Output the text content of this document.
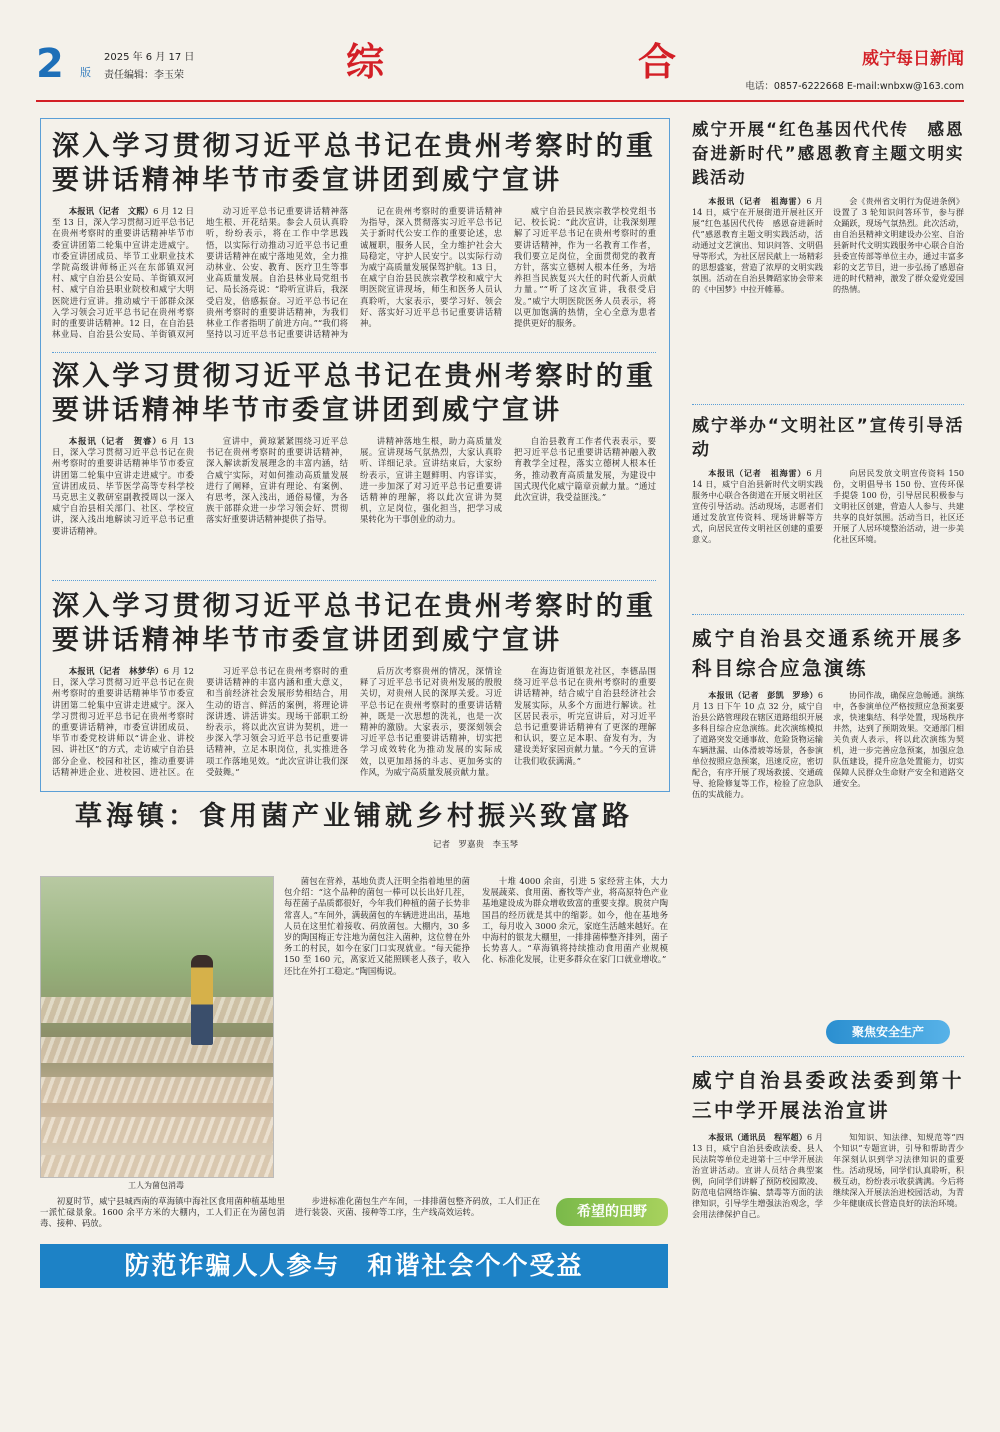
2 版
2025 年 6 月 17 日
责任编辑：李玉荣	综	合	威宁每日新闻
电话：0857-6222668 E-mail:wnbxw@163.com
深入学习贯彻习近平总书记在贵州考察时的重要讲话精神毕节市委宣讲团到威宁宣讲

本报讯（记者　文熙）6 月 12 日至 13 日，深入学习贯彻习近平总书记在贵州考察时的重要讲话精神毕节市委宣讲团第二轮集中宣讲走进威宁。市委宣讲团成员、毕节工业职业技术学院高级讲师杨正兴在东部镇双河村、威宁自治县公安局、羊街镇双河村、威宁自治县职业院校和威宁大明医院进行宣讲。推动威宁干部群众深入学习领会习近平总书记在贵州考察时的重要讲话精神。12 日，在自治县林业局、自治县公安局、羊街镇双河

动习近平总书记重要讲话精神落地生根、开花结果。参会人员认真聆听，纷纷表示，将在工作中学思践悟，以实际行动推动习近平总书记重要讲话精神在威宁落地见效，全力推动林业、公安、教育、医疗卫生等事业高质量发展。自治县林业局党组书记、局长汤亮说：“聆听宣讲后，我深受启发，倍感振奋。习近平总书记在贵州考察时的重要讲话精神，为我们林业工作者指明了前进方向。”“我们将坚持以习近平总书记重要讲话精神为

记在贵州考察时的重要讲话精神为指导，深入贯彻落实习近平总书记关于新时代公安工作的重要论述，忠诚履职，服务人民，全力维护社会大局稳定，守护人民安宁。以实际行动为威宁高质量发展保驾护航。13 日，在威宁自治县民族宗教学校和威宁大明医院宣讲现场，师生和医务人员认真聆听，大家表示，要学习好、领会好、落实好习近平总书记重要讲话精神。

威宁自治县民族宗教学校党组书记、校长说：“此次宣讲，让我深刻理解了习近平总书记在贵州考察时的重要讲话精神，作为一名教育工作者，我们要立足岗位，全面贯彻党的教育方针，落实立德树人根本任务，为培养担当民族复兴大任的时代新人贡献力量。”“听了这次宣讲，我很受启发。”威宁大明医院医务人员表示，将以更加饱满的热情，全心全意为患者提供更好的服务。

深入学习贯彻习近平总书记在贵州考察时的重要讲话精神毕节市委宣讲团到威宁宣讲

本报讯（记者　贺睿）6 月 13 日，深入学习贯彻习近平总书记在贵州考察时的重要讲话精神毕节市委宣讲团第二轮集中宣讲走进威宁。市委宣讲团成员、毕节医学高等专科学校马克思主义教研室副教授周以一深入威宁自治县相关部门、社区、学校宣讲，深入浅出地解读习近平总书记重要讲话精神。

宣讲中，黄琼紧紧围绕习近平总书记在贵州考察时的重要讲话精神，深入解读新发展理念的丰富内涵，结合威宁实际，对如何推动高质量发展进行了阐释，宣讲有理论、有案例、有思考，深入浅出，通俗易懂，为各族干部群众进一步学习领会好、贯彻落实好重要讲话精神提供了指导。

讲精神落地生根，助力高质量发展。宣讲现场气氛热烈，大家认真聆听、详细记录。宣讲结束后，大家纷纷表示，宣讲主题鲜明、内容详实，进一步加深了对习近平总书记重要讲话精神的理解，将以此次宣讲为契机，立足岗位，强化担当，把学习成果转化为干事创业的动力。

自治县教育工作者代表表示，要把习近平总书记重要讲话精神融入教育教学全过程，落实立德树人根本任务，推动教育高质量发展，为建设中国式现代化威宁篇章贡献力量。“通过此次宣讲，我受益匪浅。”

深入学习贯彻习近平总书记在贵州考察时的重要讲话精神毕节市委宣讲团到威宁宣讲

本报讯（记者　林梦华）6 月 12 日，深入学习贯彻习近平总书记在贵州考察时的重要讲话精神毕节市委宣讲团第二轮集中宣讲走进威宁。深入学习贯彻习近平总书记在贵州考察时的重要讲话精神，市委宣讲团成员、毕节市委党校讲师以“讲企业、讲校园、讲社区”的方式，走访威宁自治县部分企业、校园和社区，推动重要讲话精神进企业、进校园、进社区。在

习近平总书记在贵州考察时的重要讲话精神的丰富内涵和重大意义，和当前经济社会发展形势相结合，用生动的语言、鲜活的案例，将理论讲深讲透、讲活讲实。现场干部职工纷纷表示，将以此次宣讲为契机，进一步深入学习领会习近平总书记重要讲话精神，立足本职岗位，扎实推进各项工作落地见效。“此次宣讲让我们深受鼓舞。”

后历次考察贵州的情况，深情诠释了习近平总书记对贵州发展的殷殷关切，对贵州人民的深厚关爱。习近平总书记在贵州考察时的重要讲话精神，既是一次思想的洗礼，也是一次精神的激励。大家表示，要深刻领会习近平总书记重要讲话精神，切实把学习成效转化为推动发展的实际成效，以更加昂扬的斗志、更加务实的作风，为威宁高质量发展贡献力量。

在海边街道银龙社区，李德品围绕习近平总书记在贵州考察时的重要讲话精神，结合威宁自治县经济社会发展实际，从多个方面进行解读。社区居民表示，听完宣讲后，对习近平总书记重要讲话精神有了更深的理解和认识，要立足本职、奋发有为，为建设美好家园贡献力量。“今天的宣讲让我们收获满满。”

草海镇：食用菌产业铺就乡村振兴致富路
记者　罗嘉贵　李玉琴
工人为菌包消毒

菌包在营养，基地负责人汪明全指着地里的菌包介绍：“这个品种的菌包一棒可以长出好几茬，每茬菌子品质都很好，今年我们种植的菌子长势非常喜人。”车间外，满载菌包的车辆进进出出，基地人员在这里忙着接收、码放菌包。大棚内，30 多岁的陶国梅正专注地为菌包注入菌种，这位曾在外务工的村民，如今在家门口实现就业。“每天能挣 150 至 160 元，离家近又能照顾老人孩子，收入还比在外打工稳定。”陶国梅说。

十堆 4000 余亩，引进 5 家经营主体，大力发展蔬菜、食用菌、畜牧等产业，将高原特色产业基地建设成为群众增收致富的重要支撑。脱贫户陶国昌的经历就是其中的缩影。如今，他在基地务工，每月收入 3000 余元，家庭生活越来越好。在中海村的银龙大棚里，一排排菌棒整齐排列，菌子长势喜人。“草海镇将持续推动食用菌产业规模化、标准化发展，让更多群众在家门口就业增收。”

初夏时节，威宁县城西南的草海镇中海社区食用菌种植基地里一派忙碌景象。1600 余平方米的大棚内，工人们正在为菌包消毒、接种、码放。

步进标准化菌包生产车间，一排排菌包整齐码放，工人们正在进行装袋、灭菌、接种等工序，生产线高效运转。	希望的田野
防范诈骗人人参与　和谐社会个个受益
威宁开展“红色基因代代传　感恩奋进新时代”感恩教育主题文明实践活动

本报讯（记者　祖海雷）6 月 14 日，威宁在开展街道开展社区开展“红色基因代代传　感恩奋进新时代”感恩教育主题文明实践活动，活动通过文艺演出、知识问答、文明倡导等形式，为社区居民献上一场精彩的思想盛宴，营造了浓厚的文明实践氛围。活动在自治县舞蹈家协会带来的《中国梦》中拉开帷幕。

会《贵州省文明行为促进条例》设置了 3 轮知识问答环节，参与群众踊跃，现场气氛热烈。此次活动，由自治县精神文明建设办公室、自治县新时代文明实践服务中心联合自治县委宣传部等单位主办，通过丰富多彩的文艺节目，进一步弘扬了感恩奋进的时代精神，激发了群众爱党爱国的热情。

威宁举办“文明社区”宣传引导活动

本报讯（记者　祖海雷）6 月 14 日，威宁自治县新时代文明实践服务中心联合各街道在开展文明社区宣传引导活动。活动现场，志愿者们通过发放宣传资料、现场讲解等方式，向居民宣传文明社区创建的重要意义。

向居民发放文明宣传资料 150 份，文明倡导书 150 份、宣传环保手提袋 100 份，引导居民积极参与文明社区创建，营造人人参与、共建共享的良好氛围。活动当日，社区还开展了人居环境整治活动，进一步美化社区环境。

威宁自治县交通系统开展多科目综合应急演练

本报讯（记者　彭凯　罗珍）6 月 13 日下午 10 点 32 分，威宁自治县公路管理段在辖区道路组织开展多科目综合应急演练。此次演练模拟了道路突发交通事故、危险货物运输车辆泄漏、山体滑坡等场景，各参演单位按照应急预案，迅速反应，密切配合，有序开展了现场救援、交通疏导、抢险修复等工作，检验了应急队伍的实战能力。

协同作战，确保应急畅通。演练中，各参演单位严格按照应急预案要求，快速集结、科学处置，现场秩序井然，达到了预期效果。交通部门相关负责人表示，将以此次演练为契机，进一步完善应急预案，加强应急队伍建设，提升应急处置能力，切实保障人民群众生命财产安全和道路交通安全。

聚焦安全生产
威宁自治县委政法委到第十三中学开展法治宣讲

本报讯（通讯员　程军超）6 月 13 日，威宁自治县委政法委、县人民法院等单位走进第十三中学开展法治宣讲活动。宣讲人员结合典型案例，向同学们讲解了预防校园欺凌、防范电信网络诈骗、禁毒等方面的法律知识，引导学生增强法治观念，学会用法律保护自己。

知知识、知法律、知规范等“四个知识”专题宣讲，引导和帮助青少年深刻认识到学习法律知识的重要性。活动现场，同学们认真聆听，积极互动，纷纷表示收获满满。今后将继续深入开展法治进校园活动，为青少年健康成长营造良好的法治环境。
